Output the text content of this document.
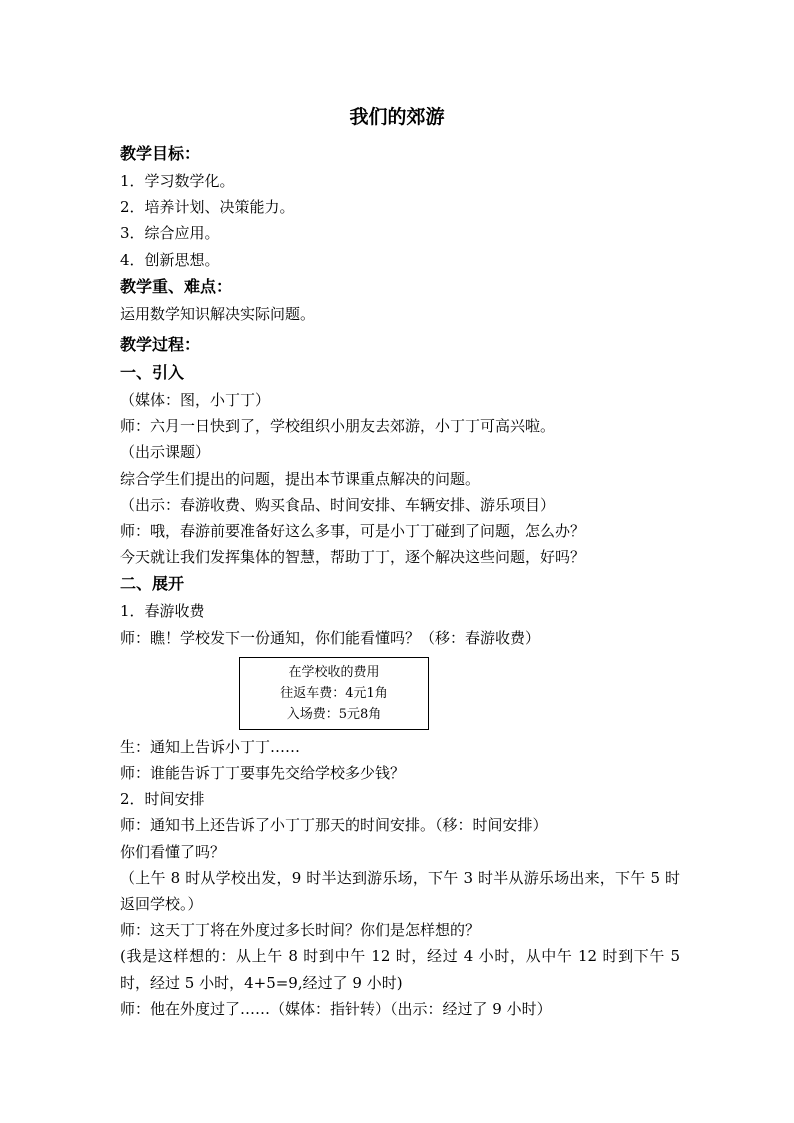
我们的郊游
教学目标：
1．学习数学化。
2．培养计划、决策能力。
3．综合应用。
4．创新思想。
教学重、难点：
运用数学知识解决实际问题。
教学过程：
一、引入
（媒体：图，小丁丁）
师：六月一日快到了，学校组织小朋友去郊游，小丁丁可高兴啦。
（出示课题）
综合学生们提出的问题，提出本节课重点解决的问题。
（出示：春游收费、购买食品、时间安排、车辆安排、游乐项目）
师：哦，春游前要准备好这么多事，可是小丁丁碰到了问题，怎么办？
今天就让我们发挥集体的智慧，帮助丁丁，逐个解决这些问题，好吗？
二、展开
1．春游收费
师：瞧！学校发下一份通知，你们能看懂吗？（移：春游收费）
在学校收的费用
往返车费：4元1角
入场费：5元8角
生：通知上告诉小丁丁……
师：谁能告诉丁丁要事先交给学校多少钱？
2．时间安排
师：通知书上还告诉了小丁丁那天的时间安排。（移：时间安排）
你们看懂了吗？
（上午 8 时从学校出发，9 时半达到游乐场，下午 3 时半从游乐场出来，下午 5 时返回学校。）
师：这天丁丁将在外度过多长时间？你们是怎样想的？
(我是这样想的：从上午 8 时到中午 12 时，经过 4 小时，从中午 12 时到下午 5 时，经过 5 小时，4+5=9,经过了 9 小时)
师：他在外度过了……（媒体：指针转）（出示：经过了 9 小时）
